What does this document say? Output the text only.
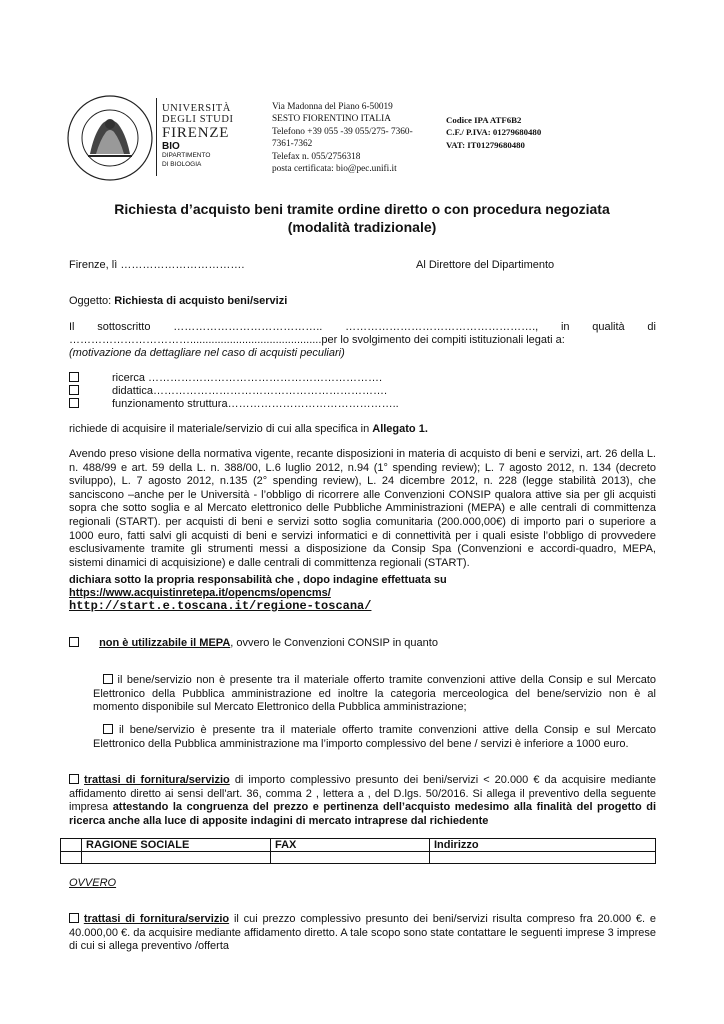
UNIVERSITÀ
DEGLI STUDI
FIRENZE
BIO
DIPARTIMENTO
DI BIOLOGIA
Via Madonna del Piano 6-50019
SESTO FIORENTINO ITALIA
Telefono +39 055 -39 055/275- 7360-
7361-7362
Telefax n. 055/2756318
posta certificata: bio@pec.unifi.it
Codice IPA ATF6B2
C.F./ P.IVA: 01279680480
VAT: IT01279680480
Richiesta d’acquisto beni tramite ordine diretto o con procedura negoziata
(modalità tradizionale)
Firenze, lì …………………………….	Al Direttore del Dipartimento
Oggetto: Richiesta di acquisto beni/servizi
Il sottoscritto ………………………………….. ……………………………………………., in qualità di
……………………………...........................................per lo svolgimento dei compiti istituzionali legati a:
(motivazione da dettagliare nel caso di acquisti peculiari)
ricerca ……………………………………………………….
didattica……………………………………………………….
funzionamento struttura………………………………………..
richiede di acquisire il materiale/servizio di cui alla specifica in Allegato 1.
Avendo preso visione della normativa vigente, recante disposizioni in materia di acquisto di beni e servizi, art. 26 della L.
n. 488/99 e art. 59 della L. n. 388/00, L.6 luglio 2012, n.94 (1° spending review); L. 7 agosto 2012, n. 134 (decreto
sviluppo), L. 7 agosto 2012, n.135 (2° spending review), L. 24 dicembre 2012, n. 228 (legge stabilità 2013), che
sanciscono –anche per le Università - l’obbligo di ricorrere alle Convenzioni CONSIP qualora attive sia per gli acquisti
sopra che sotto soglia e al Mercato elettronico delle Pubbliche Amministrazioni (MEPA) e alle centrali di committenza
regionali (START). per acquisti di beni e servizi sotto soglia comunitaria (200.000,00€) di importo pari o superiore a
1000 euro, fatti salvi gli acquisti di beni e servizi informatici e di connettività per i quali esiste l’obbligo di provvedere
esclusivamente tramite gli strumenti messi a disposizione da Consip Spa (Convenzioni e accordi-quadro, MEPA,
sistemi dinamici di acquisizione) e dalle centrali di committenza regionali (START).
dichiara sotto la propria responsabilità che , dopo indagine effettuata su
https://www.acquistinretepa.it/opencms/opencms/
http://start.e.toscana.it/regione-toscana/
non è utilizzabile il MEPA, ovvero le Convenzioni CONSIP in quanto
il bene/servizio non è presente tra il materiale offerto tramite convenzioni attive della Consip e sul Mercato
Elettronico della Pubblica amministrazione ed inoltre la categoria merceologica del bene/servizio non è al
momento disponibile sul Mercato Elettronico della Pubblica amministrazione;
il bene/servizio è presente tra il materiale offerto tramite convenzioni attive della Consip e sul Mercato
Elettronico della Pubblica amministrazione ma l’importo complessivo del bene / servizi è inferiore a 1000 euro.
trattasi di fornitura/servizio di importo complessivo presunto dei beni/servizi < 20.000 € da acquisire mediante
affidamento diretto ai sensi dell'art. 36, comma 2 , lettera a , del D.lgs. 50/2016. Si allega il preventivo della seguente
impresa attestando la congruenza del prezzo e pertinenza dell’acquisto medesimo alla finalità del progetto di
ricerca anche alla luce di apposite indagini di mercato intraprese dal richiedente
	RAGIONE SOCIALE	FAX	Indirizzo

OVVERO
trattasi di fornitura/servizio il cui prezzo complessivo presunto dei beni/servizi risulta compreso fra 20.000 €. e
40.000,00 €. da acquisire mediante affidamento diretto. A tale scopo sono state contattare le seguenti imprese 3 imprese
di cui si allega preventivo /offerta
